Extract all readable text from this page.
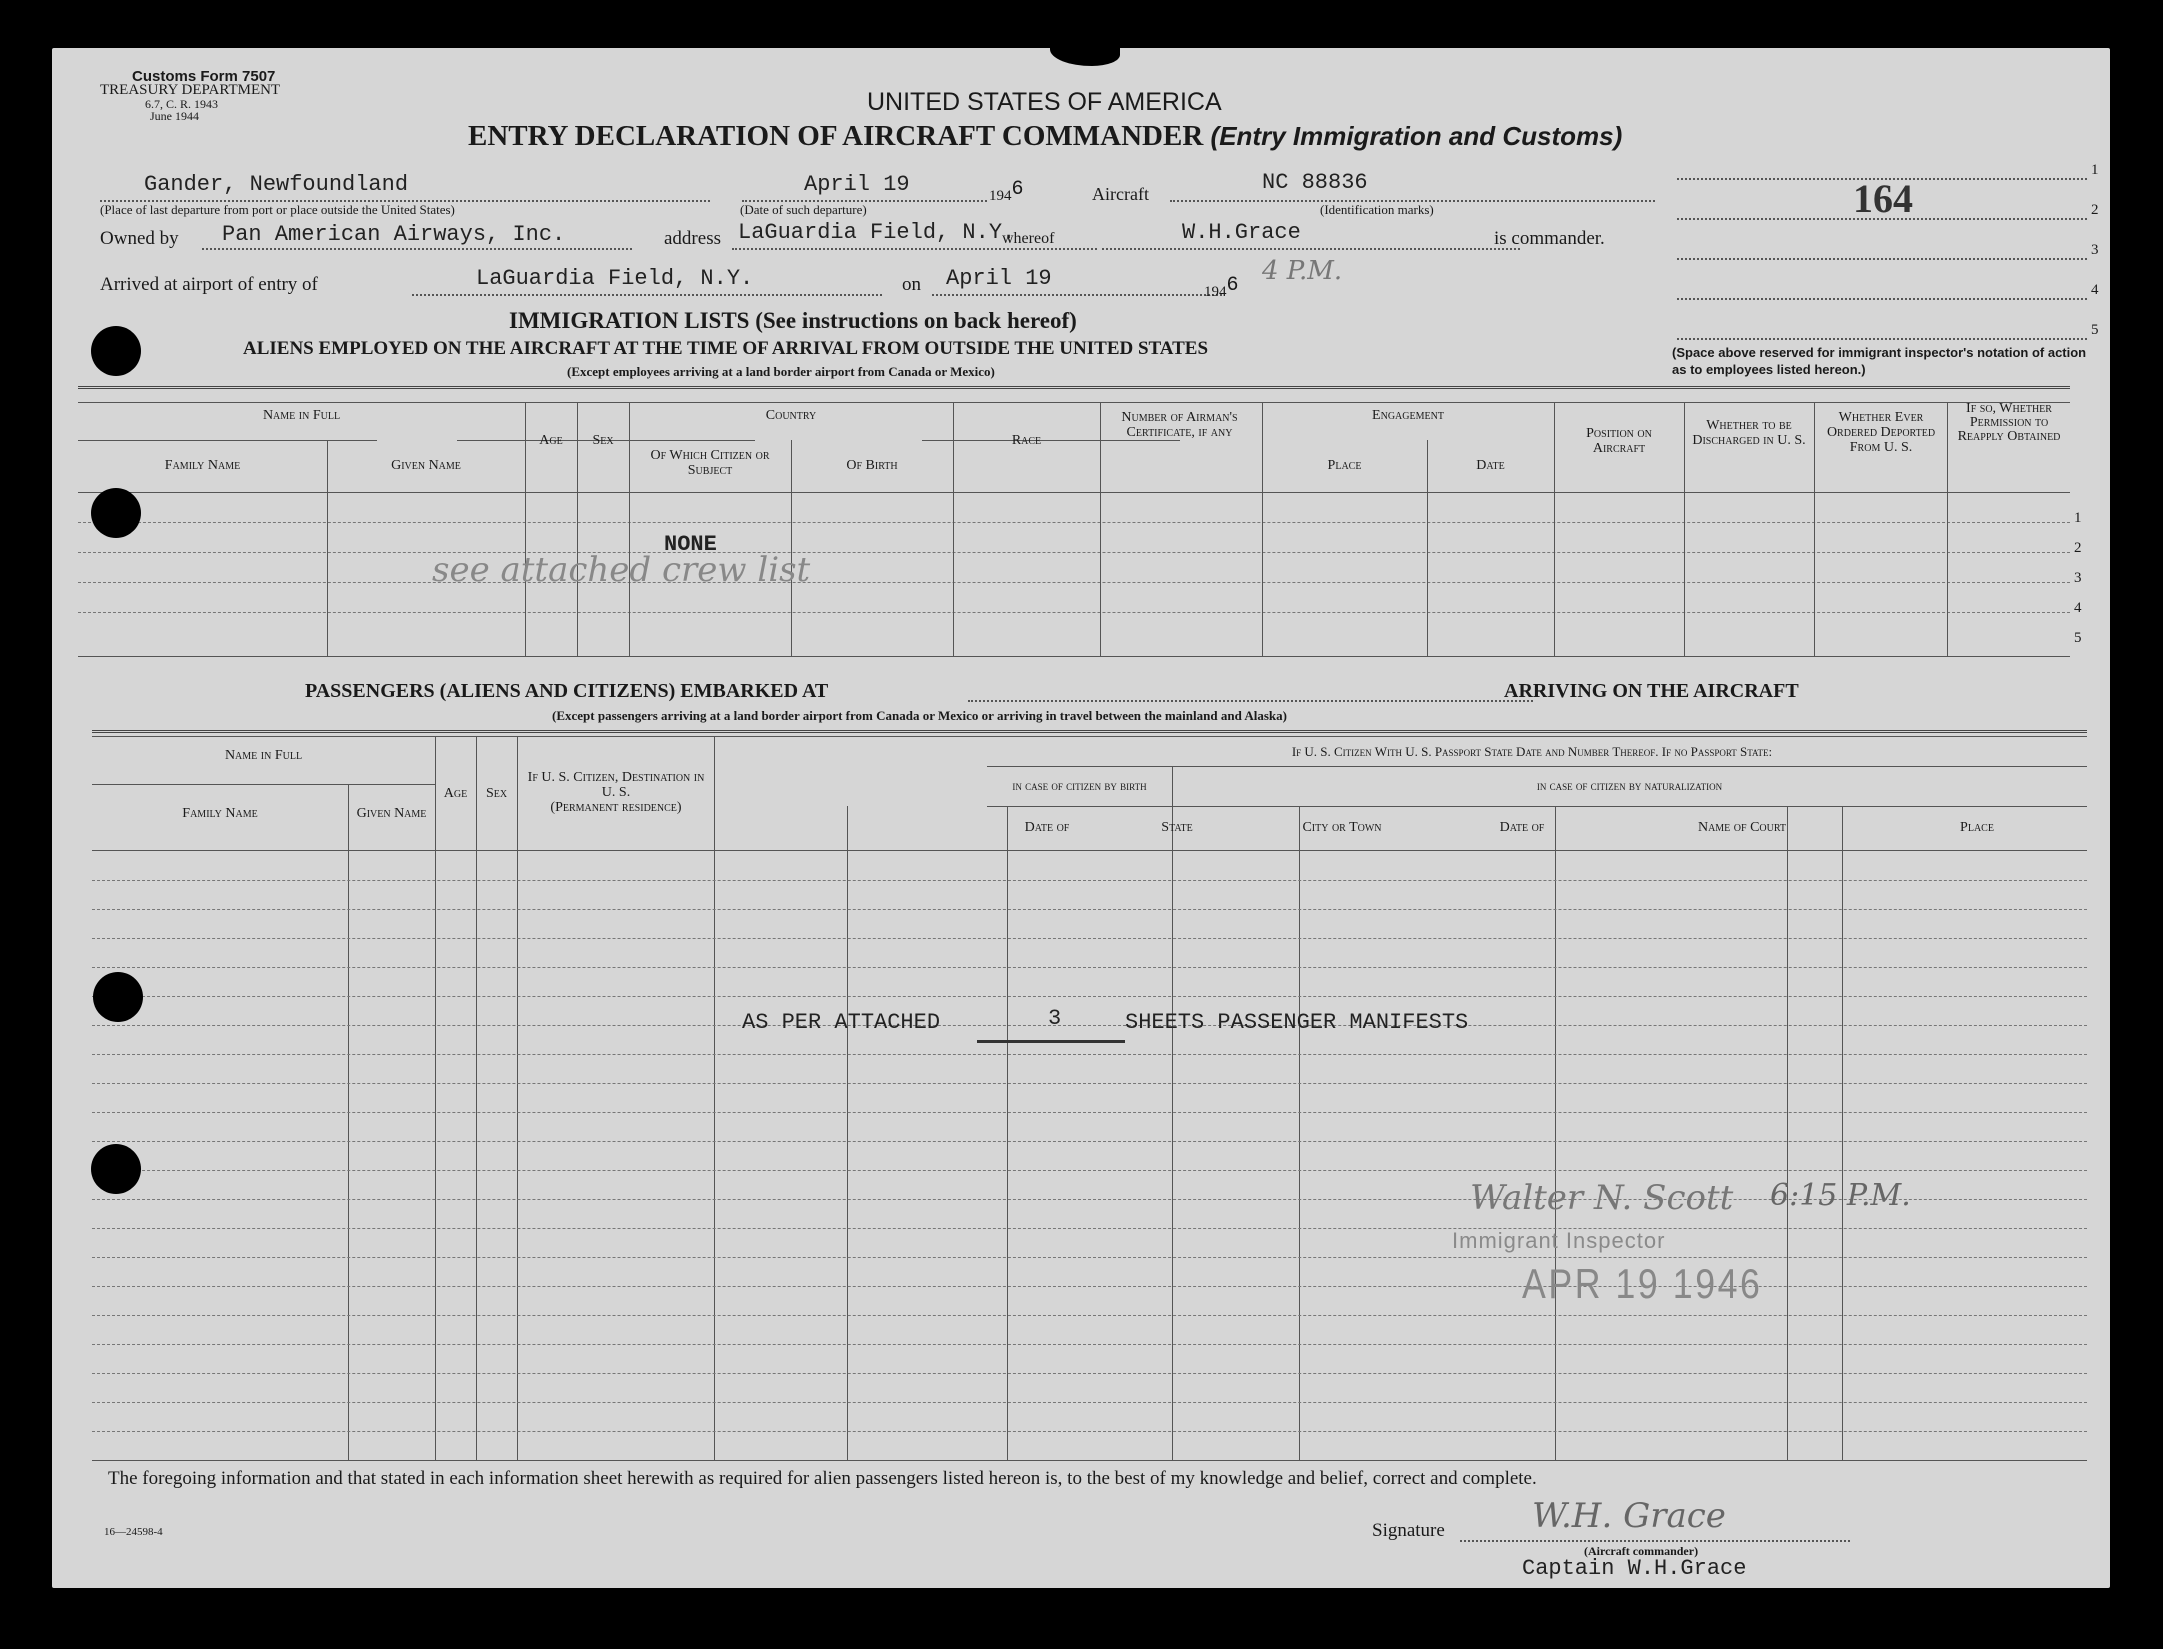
Customs Form 7507
TREASURY DEPARTMENT
6.7, C. R. 1943
June 1944	UNITED STATES OF AMERICA
ENTRY DECLARATION OF AIRCRAFT COMMANDER (Entry Immigration and Customs)
164
1
2
3
4
5
(Space above reserved for immigrant inspector's notation of action as to employees listed hereon.)
Gander, Newfoundland
(Place of last departure from port or place outside the United States)
April 19	$194^6$
(Date of such departure)
Aircraft	NC 88836
(Identification marks)
Owned by Pan American Airways, Inc.	address LaGuardia Field, N.Y.
whereof	W.H.Grace	is commander.
Arrived at airport of entry of	LaGuardia Field, N.Y.	on April 19
$194^6$ 4 P.M.
IMMIGRATION LISTS (See instructions on back hereof)
ALIENS EMPLOYED ON THE AIRCRAFT AT THE TIME OF ARRIVAL FROM OUTSIDE THE UNITED STATES
(Except employees arriving at a land border airport from Canada or Mexico)
Name in Full
Family Name	Given Name
Age	Sex
Country
Of Which Citizen or Subject	Of Birth
Race
Number of Airman's Certificate, if any
Engagement
Place	Date
Position on Aircraft
Whether to be Discharged in U. S.
Whether Ever Ordered Deported From U. S.
If so, Whether Permission to Reapply Obtained
1
2
3
4
5
NONE
see attached crew list
PASSENGERS (ALIENS AND CITIZENS) EMBARKED AT	ARRIVING ON THE AIRCRAFT
(Except passengers arriving at a land border airport from Canada or Mexico or arriving in travel between the mainland and Alaska)
Name in Full
Family Name	Given Name
Age	Sex
If U. S. Citizen, Destination in U. S.
(Permanent residence)
If U. S. Citizen With U. S. Passport State Date and Number Thereof. If no Passport State:
in case of citizen by birth	in case of citizen by naturalization
Date of	State	City or Town	Date of	Name of Court	Place
AS PER ATTACHED	3	SHEETS PASSENGER MANIFESTS
Walter N. Scott 6:15 P.M.
Immigrant Inspector
APR 19 1946
The foregoing information and that stated in each information sheet herewith as required for alien passengers listed hereon is, to the best of my knowledge and belief, correct and complete.
16—24598-4	Signature	W.H. Grace
(Aircraft commander)
Captain W.H.Grace
